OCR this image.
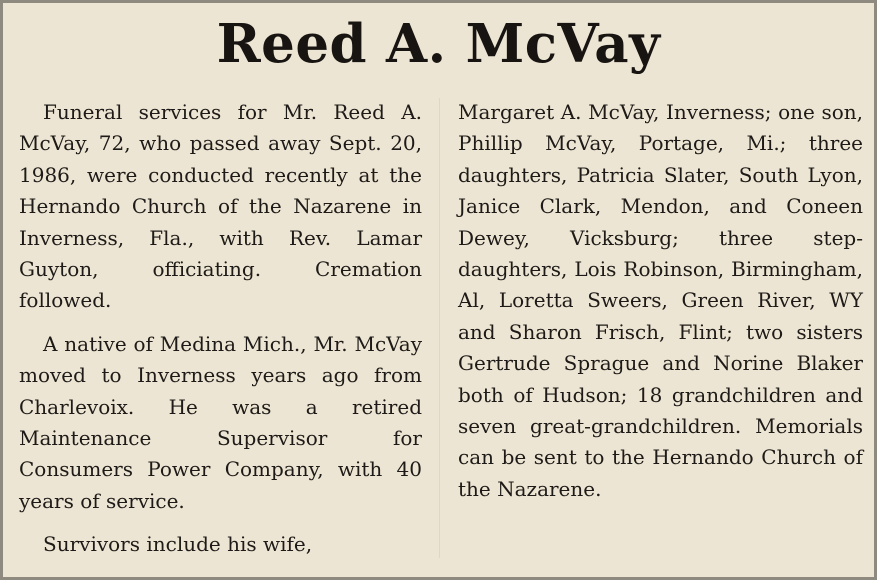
Reed A. McVay

Funeral services for Mr. Reed A. McVay, 72, who passed away Sept. 20, 1986, were conducted recently at the Hernando Church of the Nazarene in Inverness, Fla., with Rev. Lamar Guyton, officiating. Cremation followed.

A native of Medina Mich., Mr. McVay moved to Inverness years ago from Charlevoix. He was a retired Maintenance Supervisor for Consumers Power Company, with 40 years of service.

Survivors include his wife,

Margaret A. McVay, Inverness; one son, Phillip McVay, Portage, Mi.; three daughters, Patricia Slater, South Lyon, Janice Clark, Mendon, and Coneen Dewey, Vicksburg; three step-daughters, Lois Robinson, Birmingham, Al, Loretta Sweers, Green River, WY and Sharon Frisch, Flint; two sisters Gertrude Sprague and Norine Blaker both of Hudson; 18 grandchildren and seven great-grandchildren. Memorials can be sent to the Hernando Church of the Nazarene.
